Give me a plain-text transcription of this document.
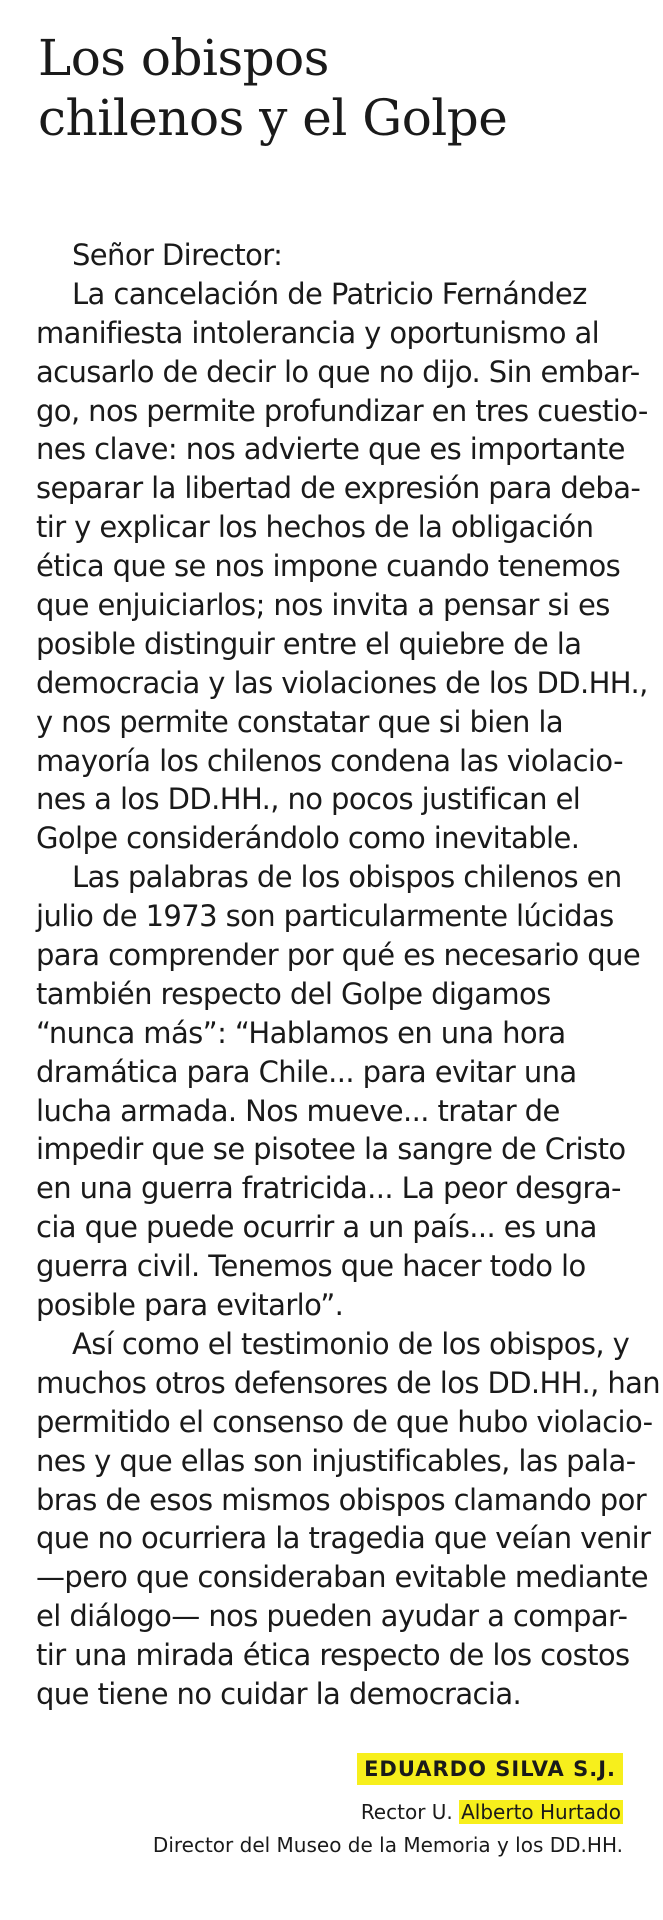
Los obispos
chilenos y el Golpe
Señor Director:
La cancelación de Patricio Fernández
manifiesta intolerancia y oportunismo al
acusarlo de decir lo que no dijo. Sin embar-
go, nos permite profundizar en tres cuestio-
nes clave: nos advierte que es importante
separar la libertad de expresión para deba-
tir y explicar los hechos de la obligación
ética que se nos impone cuando tenemos
que enjuiciarlos; nos invita a pensar si es
posible distinguir entre el quiebre de la
democracia y las violaciones de los DD.HH.,
y nos permite constatar que si bien la
mayoría los chilenos condena las violacio-
nes a los DD.HH., no pocos justifican el
Golpe considerándolo como inevitable.
Las palabras de los obispos chilenos en
julio de 1973 son particularmente lúcidas
para comprender por qué es necesario que
también respecto del Golpe digamos
“nunca más”: “Hablamos en una hora
dramática para Chile... para evitar una
lucha armada. Nos mueve... tratar de
impedir que se pisotee la sangre de Cristo
en una guerra fratricida... La peor desgra-
cia que puede ocurrir a un país... es una
guerra civil. Tenemos que hacer todo lo
posible para evitarlo”.
Así como el testimonio de los obispos, y
muchos otros defensores de los DD.HH., han
permitido el consenso de que hubo violacio-
nes y que ellas son injustificables, las pala-
bras de esos mismos obispos clamando por
que no ocurriera la tragedia que veían venir
—pero que consideraban evitable mediante
el diálogo— nos pueden ayudar a compar-
tir una mirada ética respecto de los costos
que tiene no cuidar la democracia.
EDUARDO SILVA S.J.
Rector U. Alberto Hurtado
Director del Museo de la Memoria y los DD.HH.
